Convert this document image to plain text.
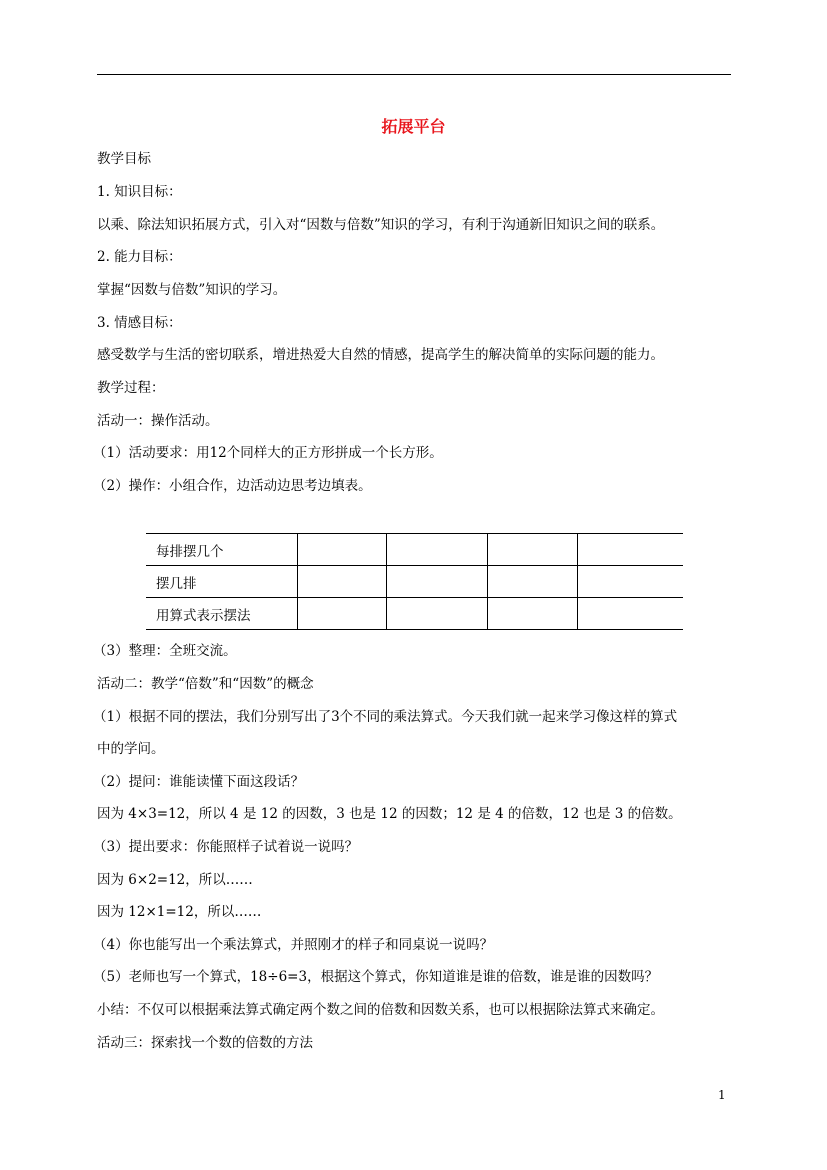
拓展平台
教学目标
1. 知识目标：
以乘、除法知识拓展方式，引入对“因数与倍数”知识的学习，有利于沟通新旧知识之间的联系。
2. 能力目标：
掌握“因数与倍数”知识的学习。
3. 情感目标：
感受数学与生活的密切联系，增进热爱大自然的情感，提高学生的解决简单的实际问题的能力。
教学过程：
活动一：操作活动。
（1）活动要求：用12个同样大的正方形拼成一个长方形。
（2）操作：小组合作，边活动边思考边填表。
每排摆几个				
摆几排				
用算式表示摆法				
（3）整理：全班交流。
活动二：教学“倍数”和“因数”的概念
（1）根据不同的摆法，我们分别写出了3个不同的乘法算式。今天我们就一起来学习像这样的算式
中的学问。
（2）提问：谁能读懂下面这段话？
因为 4×3=12，所以 4 是 12 的因数，3 也是 12 的因数；12 是 4 的倍数，12 也是 3 的倍数。
（3）提出要求：你能照样子试着说一说吗？
因为 6×2=12，所以……
因为 12×1=12，所以……
（4）你也能写出一个乘法算式，并照刚才的样子和同桌说一说吗？
（5）老师也写一个算式，18÷6=3，根据这个算式，你知道谁是谁的倍数，谁是谁的因数吗？
小结：不仅可以根据乘法算式确定两个数之间的倍数和因数关系，也可以根据除法算式来确定。
活动三：探索找一个数的倍数的方法
1
